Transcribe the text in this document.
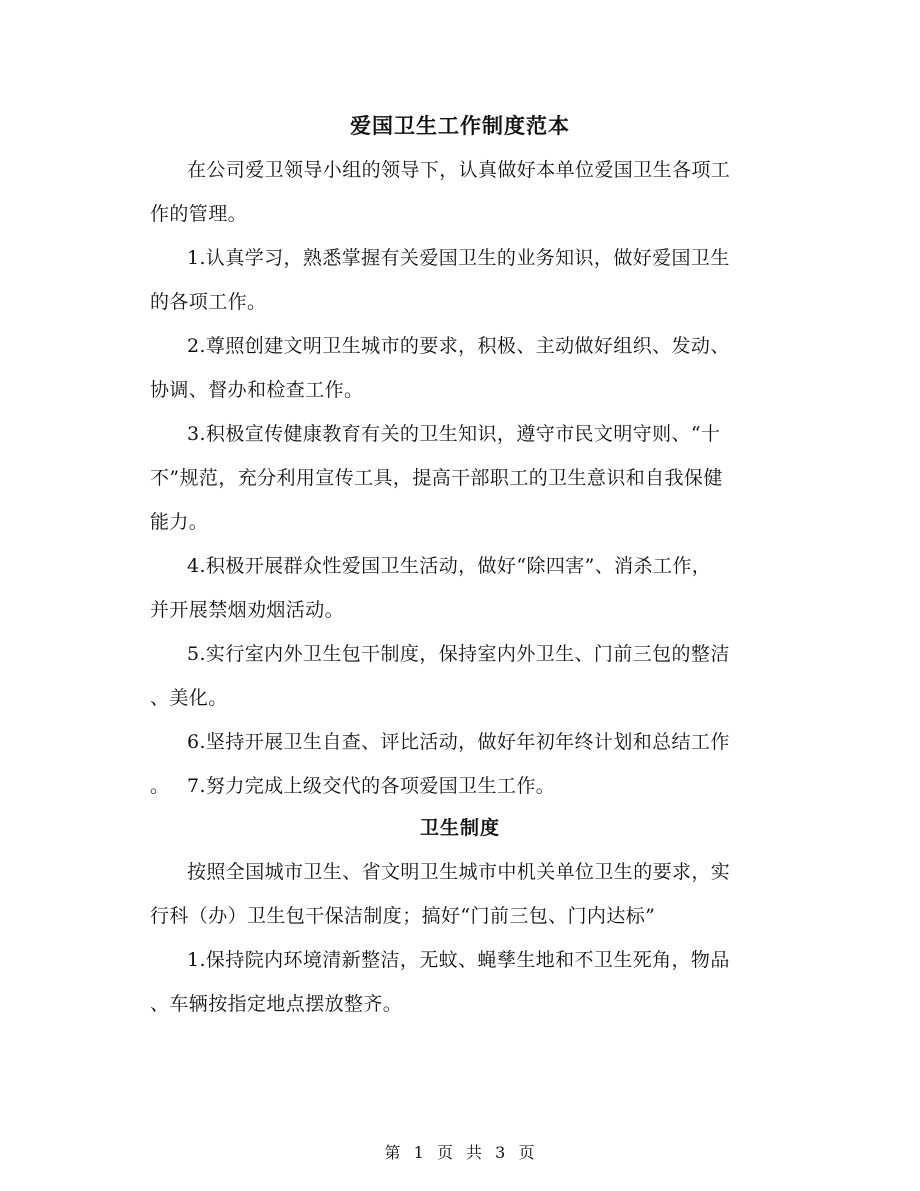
爱国卫生工作制度范本
在公司爱卫领导小组的领导下，认真做好本单位爱国卫生各项工
作的管理。
1.认真学习，熟悉掌握有关爱国卫生的业务知识，做好爱国卫生
的各项工作。
2.尊照创建文明卫生城市的要求，积极、主动做好组织、发动、
协调、督办和检查工作。
3.积极宣传健康教育有关的卫生知识，遵守市民文明守则、“十
不”规范，充分利用宣传工具，提高干部职工的卫生意识和自我保健
能力。
4.积极开展群众性爱国卫生活动，做好“除四害”、消杀工作，
并开展禁烟劝烟活动。
5.实行室内外卫生包干制度，保持室内外卫生、门前三包的整洁
、美化。
6.坚持开展卫生自查、评比活动，做好年初年终计划和总结工作
。 7.努力完成上级交代的各项爱国卫生工作。
卫生制度
按照全国城市卫生、省文明卫生城市中机关单位卫生的要求，实
行科（办）卫生包干保洁制度；搞好“门前三包、门内达标”
1.保持院内环境清新整洁，无蚊、蝇孳生地和不卫生死角，物品
、车辆按指定地点摆放整齐。
第 1 页 共 3 页
